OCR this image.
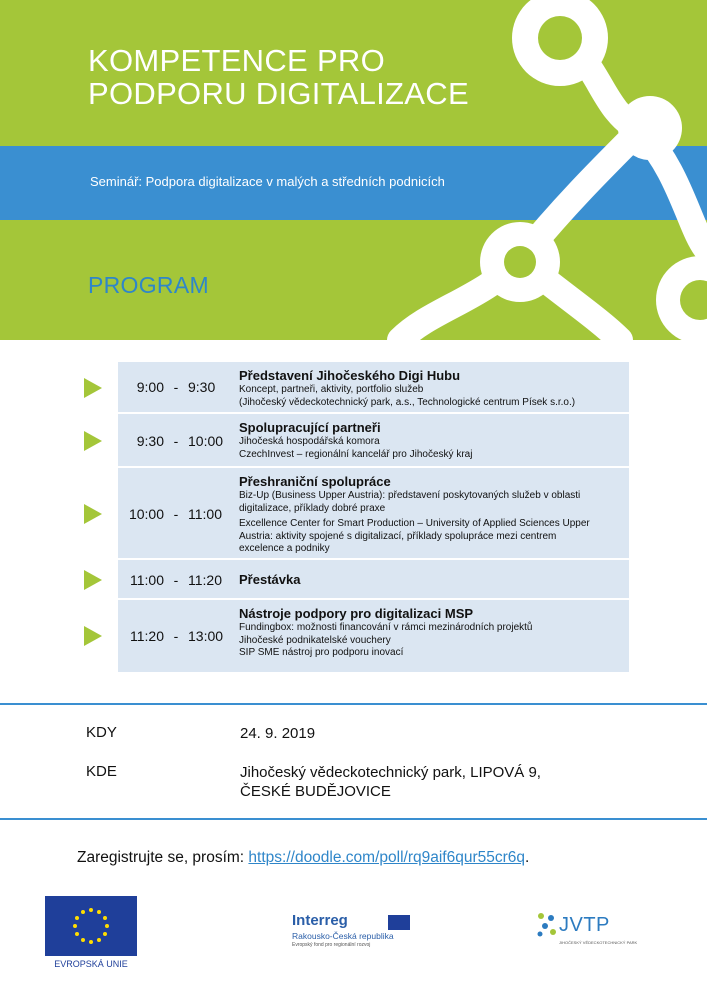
KOMPETENCE PRO
PODPORU DIGITALIZACE
Seminář: Podpora digitalizace v malých a středních podnicích
PROGRAM
9:00 - 9:30
Představení Jihočeského Digi Hubu
Koncept, partneři, aktivity, portfolio služeb
(Jihočeský vědeckotechnický park, a.s., Technologické centrum Písek s.r.o.)
9:30 - 10:00
Spolupracující partneři
Jihočeská hospodářská komora
CzechInvest – regionální kancelář pro Jihočeský kraj
10:00 - 11:00
Přeshraniční spolupráce
Biz-Up (Business Upper Austria): představení poskytovaných služeb v oblasti
digitalizace, příklady dobré praxe
Excellence Center for Smart Production – University of Applied Sciences Upper
Austria: aktivity spojené s digitalizací, příklady spolupráce mezi centrem
excelence a podniky
11:00 - 11:20	Přestávka
11:20 - 13:00
Nástroje podpory pro digitalizaci MSP
Fundingbox: možnosti financování v rámci mezinárodních projektů
Jihočeské podnikatelské vouchery
SIP SME nástroj pro podporu inovací
KDY	24. 9. 2019
KDE	Jihočeský vědeckotechnický park, LIPOVÁ 9,
ČESKÉ BUDĚJOVICE
Zaregistrujte se, prosím: https://doodle.com/poll/rq9aif6qur55cr6q.
EVROPSKÁ UNIE
Interreg
Rakousko-Česká republika
Evropský fond pro regionální rozvoj
JVTP
JIHOČESKÝ VĚDECKOTECHNICKÝ PARK
